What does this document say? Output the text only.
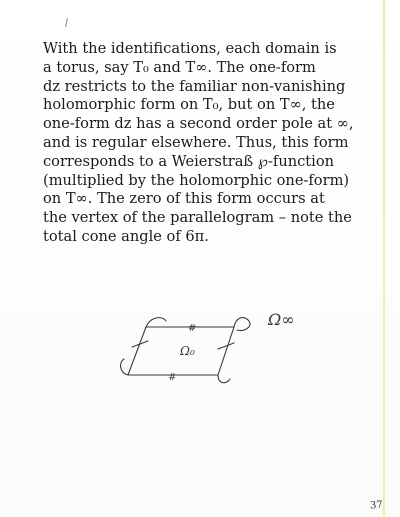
With the identifications, each domain is
a torus, say T₀ and T∞. The one-form
dz restricts to the familiar non-vanishing
holomorphic form on T₀, but on T∞, the
one-form dz has a second order pole at ∞,
and is regular elsewhere. Thus, this form
corresponds to a Weierstraß ℘-function
(multiplied by the holomorphic one-form)
on T∞. The zero of this form occurs at
the vertex of the parallelogram – note the
total cone angle of 6π.
#
#
Ω₀
Ω∞
37
